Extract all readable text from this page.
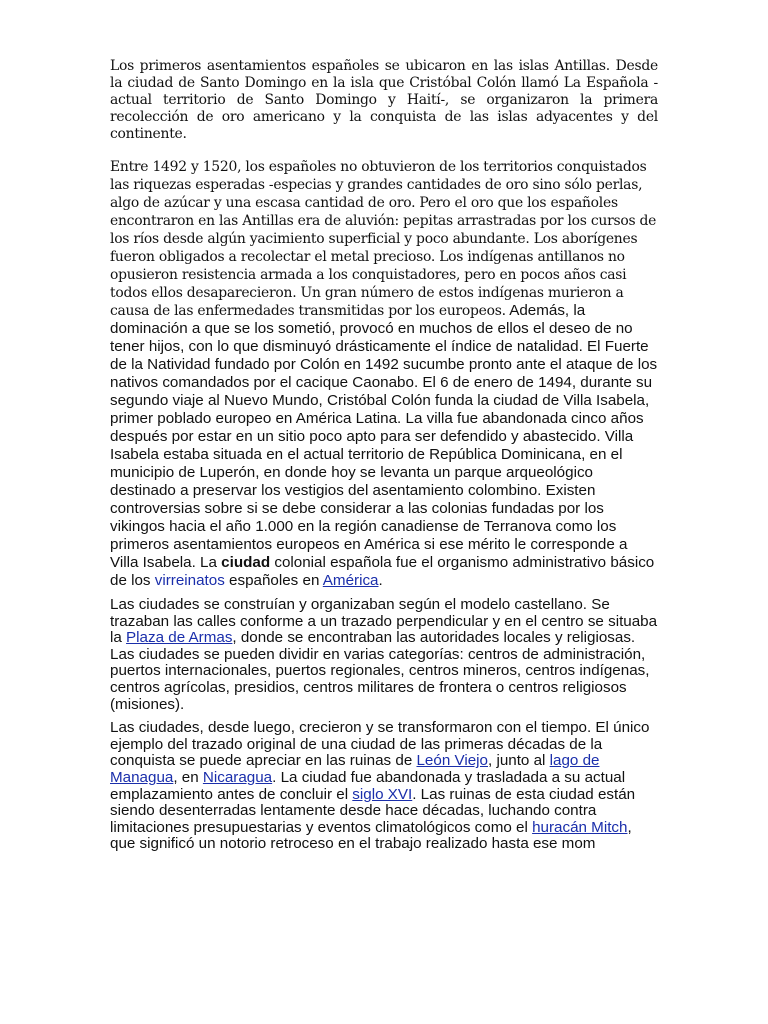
Los primeros asentamientos españoles se ubicaron en las islas Antillas. Desde la ciudad de Santo Domingo en la isla que Cristóbal Colón llamó La Española - actual territorio de Santo Domingo y Haití-, se organizaron la primera recolección de oro americano y la conquista de las islas adyacentes y del continente.

Entre 1492 y 1520, los españoles no obtuvieron de los territorios conquistados las riquezas esperadas -especias y grandes cantidades de oro sino sólo perlas, algo de azúcar y una escasa cantidad de oro. Pero el oro que los españoles encontraron en las Antillas era de aluvión: pepitas arrastradas por los cursos de los ríos desde algún yacimiento superficial y poco abundante. Los aborígenes fueron obligados a recolectar el metal precioso. Los indígenas antillanos no opusieron resistencia armada a los conquistadores, pero en pocos años casi todos ellos desaparecieron. Un gran número de estos indígenas murieron a causa de las enfermedades transmitidas por los europeos. Además, la dominación a que se los sometió, provocó en muchos de ellos el deseo de no tener hijos, con lo que disminuyó drásticamente el índice de natalidad. El Fuerte de la Natividad fundado por Colón en 1492 sucumbe pronto ante el ataque de los nativos comandados por el cacique Caonabo. El 6 de enero de 1494, durante su segundo viaje al Nuevo Mundo, Cristóbal Colón funda la ciudad de Villa Isabela, primer poblado europeo en América Latina. La villa fue abandonada cinco años después por estar en un sitio poco apto para ser defendido y abastecido. Villa Isabela estaba situada en el actual territorio de República Dominicana, en el municipio de Luperón, en donde hoy se levanta un parque arqueológico destinado a preservar los vestigios del asentamiento colombino. Existen controversias sobre si se debe considerar a las colonias fundadas por los vikingos hacia el año 1.000 en la región canadiense de Terranova como los primeros asentamientos europeos en América si ese mérito le corresponde a Villa Isabela. La ciudad colonial española fue el organismo administrativo básico de los virreinatos españoles en América.

Las ciudades se construían y organizaban según el modelo castellano. Se trazaban las calles conforme a un trazado perpendicular y en el centro se situaba la Plaza de Armas, donde se encontraban las autoridades locales y religiosas. Las ciudades se pueden dividir en varias categorías: centros de administración, puertos internacionales, puertos regionales, centros mineros, centros indígenas, centros agrícolas, presidios, centros militares de frontera o centros religiosos (misiones).

Las ciudades, desde luego, crecieron y se transformaron con el tiempo. El único ejemplo del trazado original de una ciudad de las primeras décadas de la conquista se puede apreciar en las ruinas de León Viejo, junto al lago de Managua, en Nicaragua. La ciudad fue abandonada y trasladada a su actual emplazamiento antes de concluir el siglo XVI. Las ruinas de esta ciudad están siendo desenterradas lentamente desde hace décadas, luchando contra limitaciones presupuestarias y eventos climatológicos como el huracán Mitch, que significó un notorio retroceso en el trabajo realizado hasta ese mom
